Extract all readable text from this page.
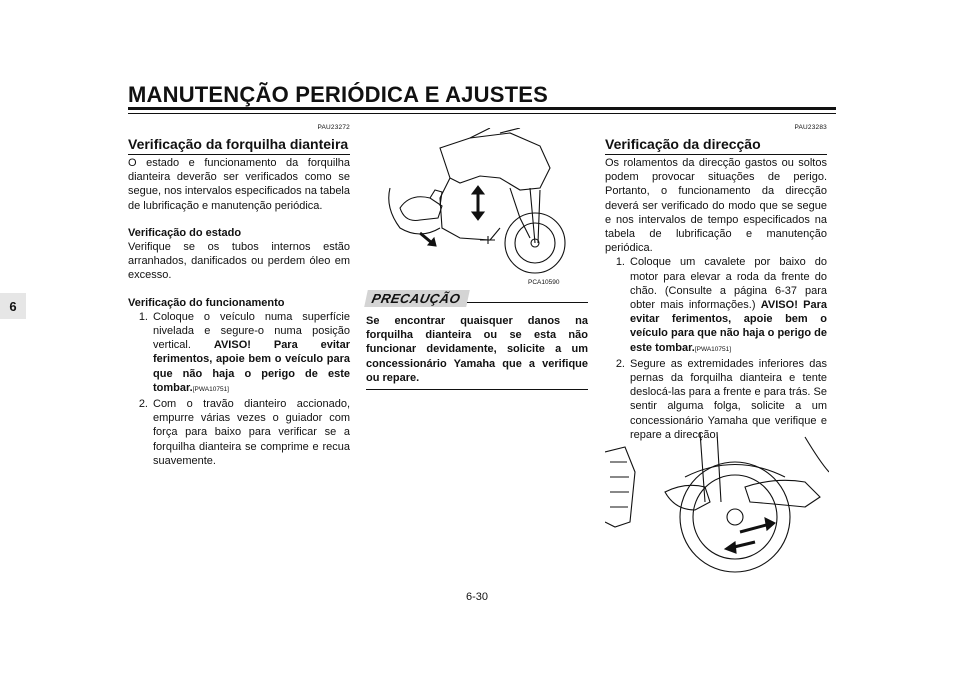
MANUTENÇÃO PERIÓDICA E AJUSTES
6
PAU23272
Verificação da forquilha dianteira

O estado e funcionamento da forquilha dianteira deverão ser verificados como se segue, nos intervalos especificados na tabela de lubrificação e manutenção periódica.

Verificação do estado

Verifique se os tubos internos estão arranhados, danificados ou perdem óleo em excesso.

Verificação do funcionamento

1. Coloque o veículo numa superfície nivelada e segure-o numa posição vertical. AVISO! Para evitar ferimentos, apoie bem o veículo para que não haja o perigo de este tombar.[PWA10751]
2. Com o travão dianteiro accionado, empurre várias vezes o guiador com força para baixo para verificar se a forquilha dianteira se comprime e recua suavemente.
PCA10590
PRECAUÇÃO

Se encontrar quaisquer danos na forquilha dianteira ou se esta não funcionar devidamente, solicite a um concessionário Yamaha que a verifique ou repare.

PAU23283
Verificação da direcção

Os rolamentos da direcção gastos ou soltos podem provocar situações de perigo. Portanto, o funcionamento da direcção deverá ser verificado do modo que se segue e nos intervalos de tempo especificados na tabela de lubrificação e manutenção periódica.

1. Coloque um cavalete por baixo do motor para elevar a roda da frente do chão. (Consulte a página 6-37 para obter mais informações.) AVISO! Para evitar ferimentos, apoie bem o veículo para que não haja o perigo de este tombar.[PWA10751]
2. Segure as extremidades inferiores das pernas da forquilha dianteira e tente deslocá-las para a frente e para trás. Se sentir alguma folga, solicite a um concessionário Yamaha que verifique e repare a direcção.
6-30
